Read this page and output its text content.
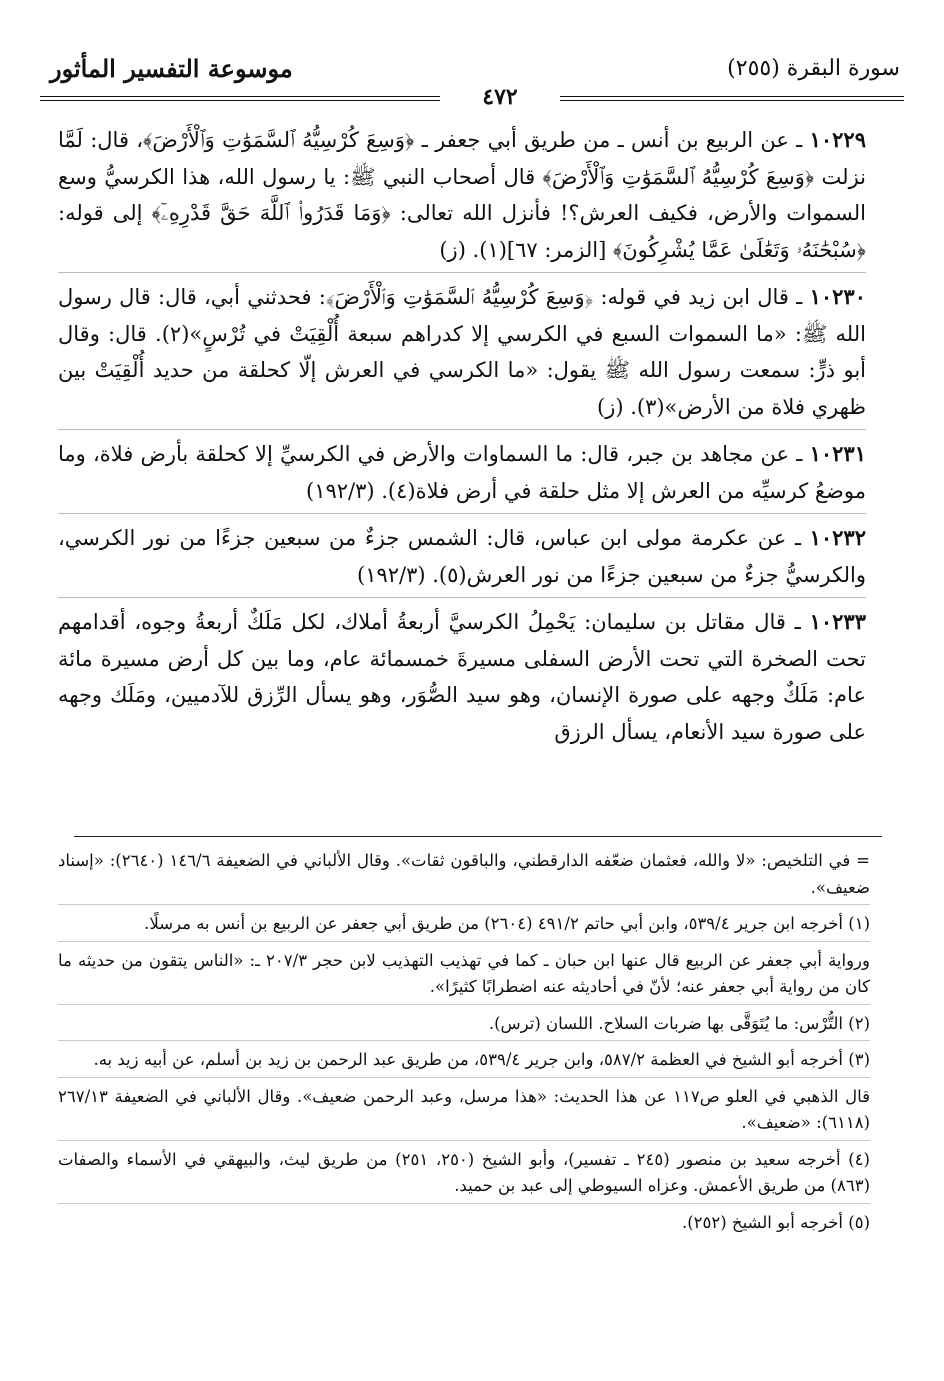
موسوعة التفسير المأثور	سورة البقرة (٢٥٥)
٤٧٢

١٠٢٢٩ ـ عن الربيع بن أنس ـ من طريق أبي جعفر ـ ﴿وَسِعَ كُرْسِيُّهُ ٱلسَّمَوَٰتِ وَٱلْأَرْضَ﴾، قال: لَمَّا نزلت ﴿وَسِعَ كُرْسِيُّهُ ٱلسَّمَوَٰتِ وَٱلْأَرْضَ﴾ قال أصحاب النبي ﷺ: يا رسول الله، هذا الكرسيُّ وسع السموات والأرض، فكيف العرش؟! فأنزل الله تعالى: ﴿وَمَا قَدَرُوا۟ ٱللَّهَ حَقَّ قَدْرِهِۦٓ﴾ إلى قوله: ﴿سُبْحَٰنَهُۥ وَتَعَٰلَىٰ عَمَّا يُشْرِكُونَ﴾ [الزمر: ٦٧](١). (ز)

١٠٢٣٠ ـ قال ابن زيد في قوله: ﴿وَسِعَ كُرْسِيُّهُ ٱلسَّمَوَٰتِ وَٱلْأَرْضَ﴾: فحدثني أبي، قال: قال رسول الله ﷺ: «ما السموات السبع في الكرسي إلا كدراهم سبعة أُلْقِيَتْ في تُرْسٍ»(٢). قال: وقال أبو ذرٍّ: سمعت رسول الله ﷺ يقول: «ما الكرسي في العرش إلّا كحلقة من حديد أُلْقِيَتْ بين ظهري فلاة من الأرض»(٣). (ز)

١٠٢٣١ ـ عن مجاهد بن جبر، قال: ما السماوات والأرض في الكرسيِّ إلا كحلقة بأرض فلاة، وما موضعُ كرسيِّه من العرش إلا مثل حلقة في أرض فلاة(٤). (١٩٢/٣)

١٠٢٣٢ ـ عن عكرمة مولى ابن عباس، قال: الشمس جزءٌ من سبعين جزءًا من نور الكرسي، والكرسيُّ جزءٌ من سبعين جزءًا من نور العرش(٥). (١٩٢/٣)

١٠٢٣٣ ـ قال مقاتل بن سليمان: يَحْمِلُ الكرسيَّ أربعةُ أملاك، لكل مَلَكٌ أربعةُ وجوه، أقدامهم تحت الصخرة التي تحت الأرض السفلى مسيرةَ خمسمائة عام، وما بين كل أرض مسيرة مائة عام: مَلَكٌ وجهه على صورة الإنسان، وهو سيد الصُّوَر، وهو يسأل الرِّزق للآدميين، ومَلَك وجهه على صورة سيد الأنعام، يسأل الرزق

= في التلخيص: «لا والله، فعثمان ضعّفه الدارقطني، والباقون ثقات». وقال الألباني في الضعيفة ١٤٦/٦ (٢٦٤٠): «إسناد ضعيف».

(١) أخرجه ابن جرير ٥٣٩/٤، وابن أبي حاتم ٤٩١/٢ (٢٦٠٤) من طريق أبي جعفر عن الربيع بن أنس به مرسلًا.

ورواية أبي جعفر عن الربيع قال عنها ابن حبان ـ كما في تهذيب التهذيب لابن حجر ٢٠٧/٣ ـ: «الناس يتقون من حديثه ما كان من رواية أبي جعفر عنه؛ لأنّ في أحاديثه عنه اضطرابًا كثيرًا».

(٢) التُّرْس: ما يُتَوَقَّى بها ضربات السلاح. اللسان (ترس).

(٣) أخرجه أبو الشيخ في العظمة ٥٨٧/٢، وابن جرير ٥٣٩/٤، من طريق عبد الرحمن بن زيد بن أسلم، عن أبيه زيد به.

قال الذهبي في العلو ص١١٧ عن هذا الحديث: «هذا مرسل، وعبد الرحمن ضعيف». وقال الألباني في الضعيفة ٢٦٧/١٣ (٦١١٨): «ضعيف».

(٤) أخرجه سعيد بن منصور (٢٤٥ ـ تفسير)، وأبو الشيخ (٢٥٠، ٢٥١) من طريق ليث، والبيهقي في الأسماء والصفات (٨٦٣) من طريق الأعمش. وعزاه السيوطي إلى عبد بن حميد.

(٥) أخرجه أبو الشيخ (٢٥٢).
